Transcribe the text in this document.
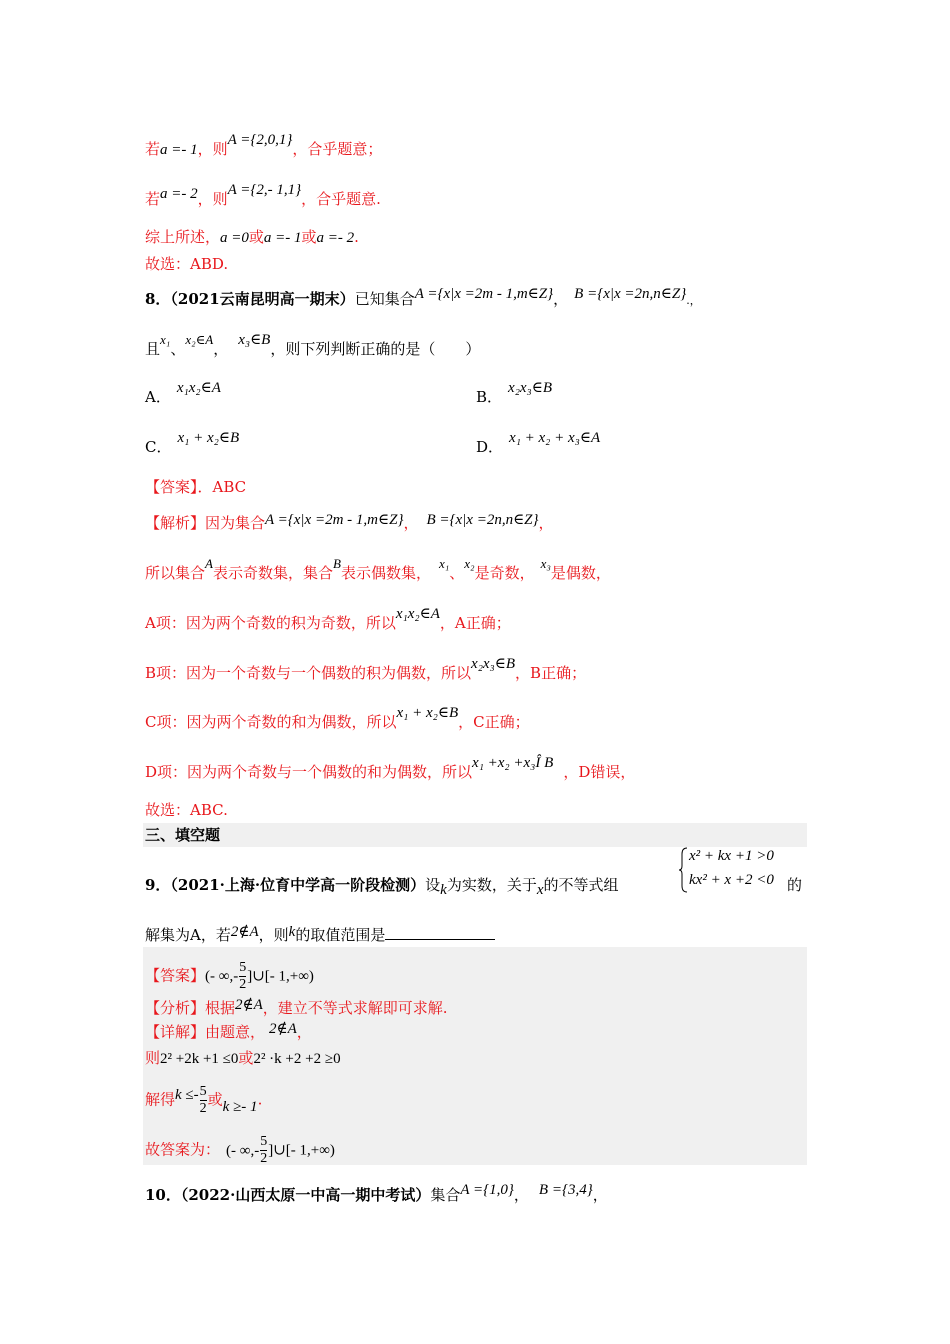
若a =- 1，则A ={2,0,1}，合乎题意；
若a =- 2，则A ={2,- 1,1}，合乎题意.
综上所述，a =0或a =- 1或a =- 2.
故选：ABD.
8．（2021云南昆明高一期末）已知集合A ={x|x =2m - 1,m∈Z}， B ={x|x =2n,n∈Z}.，
且x₁、x₂∈A， x₃∈B，则下列判断正确的是（　　）
A． x₁x₂∈A	B． x₂x₃∈B
C． x₁ + x₂∈B	D． x₁ + x₂ + x₃∈A
【答案】．ABC
【解析】因为集合A ={x|x =2m - 1,m∈Z}， B ={x|x =2n,n∈Z}，
所以集合A表示奇数集，集合B表示偶数集，x₁、x₂是奇数，x₃是偶数，
A项：因为两个奇数的积为奇数，所以x₁x₂∈A，A正确；
B项：因为一个奇数与一个偶数的积为偶数，所以x₂x₃∈B，B正确；
C项：因为两个奇数的和为偶数，所以x₁ + x₂∈B，C正确；
D项：因为两个奇数与一个偶数的和为偶数，所以x₁ +x₂ +x₃Î B ，D错误，
故选：ABC.
三、填空题
9．（2021·上海·位育中学高一阶段检测）设k为实数，关于x的不等式组
x² + kx +1 >0
kx² + x +2 <0 的
解集为A，若2∉A，则k的取值范围是
【答案】(- ∞,- $\frac{5}{2}$ ]∪[- 1,+∞)
【分析】根据2∉A，建立不等式求解即可求解.
【详解】由题意， 2∉A，
则2² +2k +1 ≤0或2² ·k +2 +2 ≥0
解得$k \le- \frac{5}{2}$ 或k ≥- 1.
故答案为： (- ∞,- $\frac{5}{2}$ ]∪[- 1,+∞)
10．（2022·山西太原一中高一期中考试）集合A ={1,0}， B ={3,4}，
